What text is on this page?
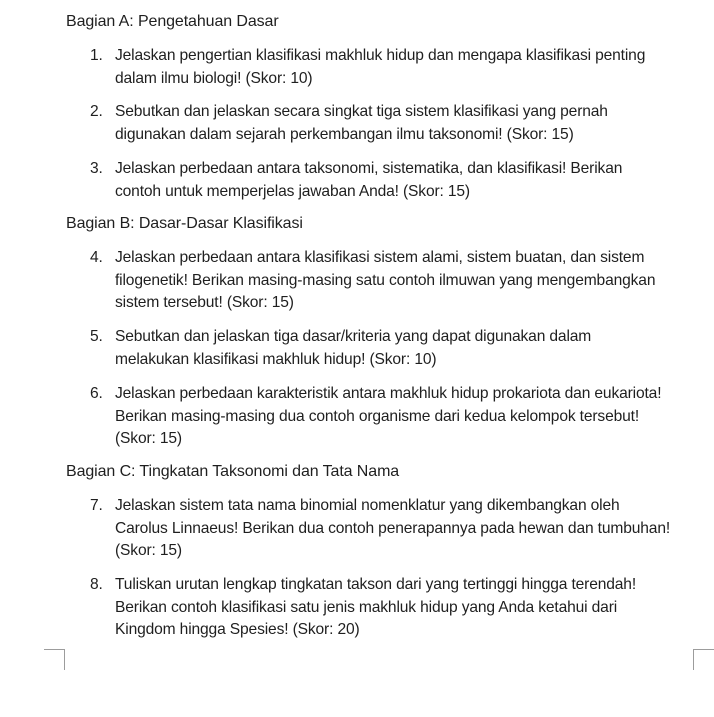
Bagian A: Pengetahuan Dasar
1. Jelaskan pengertian klasifikasi makhluk hidup dan mengapa klasifikasi penting
dalam ilmu biologi! (Skor: 10)
2. Sebutkan dan jelaskan secara singkat tiga sistem klasifikasi yang pernah
digunakan dalam sejarah perkembangan ilmu taksonomi! (Skor: 15)
3. Jelaskan perbedaan antara taksonomi, sistematika, dan klasifikasi! Berikan
contoh untuk memperjelas jawaban Anda! (Skor: 15)
Bagian B: Dasar-Dasar Klasifikasi
4. Jelaskan perbedaan antara klasifikasi sistem alami, sistem buatan, dan sistem
filogenetik! Berikan masing-masing satu contoh ilmuwan yang mengembangkan
sistem tersebut! (Skor: 15)
5. Sebutkan dan jelaskan tiga dasar/kriteria yang dapat digunakan dalam
melakukan klasifikasi makhluk hidup! (Skor: 10)
6. Jelaskan perbedaan karakteristik antara makhluk hidup prokariota dan eukariota!
Berikan masing-masing dua contoh organisme dari kedua kelompok tersebut!
(Skor: 15)
Bagian C: Tingkatan Taksonomi dan Tata Nama
7. Jelaskan sistem tata nama binomial nomenklatur yang dikembangkan oleh
Carolus Linnaeus! Berikan dua contoh penerapannya pada hewan dan tumbuhan!
(Skor: 15)
8. Tuliskan urutan lengkap tingkatan takson dari yang tertinggi hingga terendah!
Berikan contoh klasifikasi satu jenis makhluk hidup yang Anda ketahui dari
Kingdom hingga Spesies! (Skor: 20)
